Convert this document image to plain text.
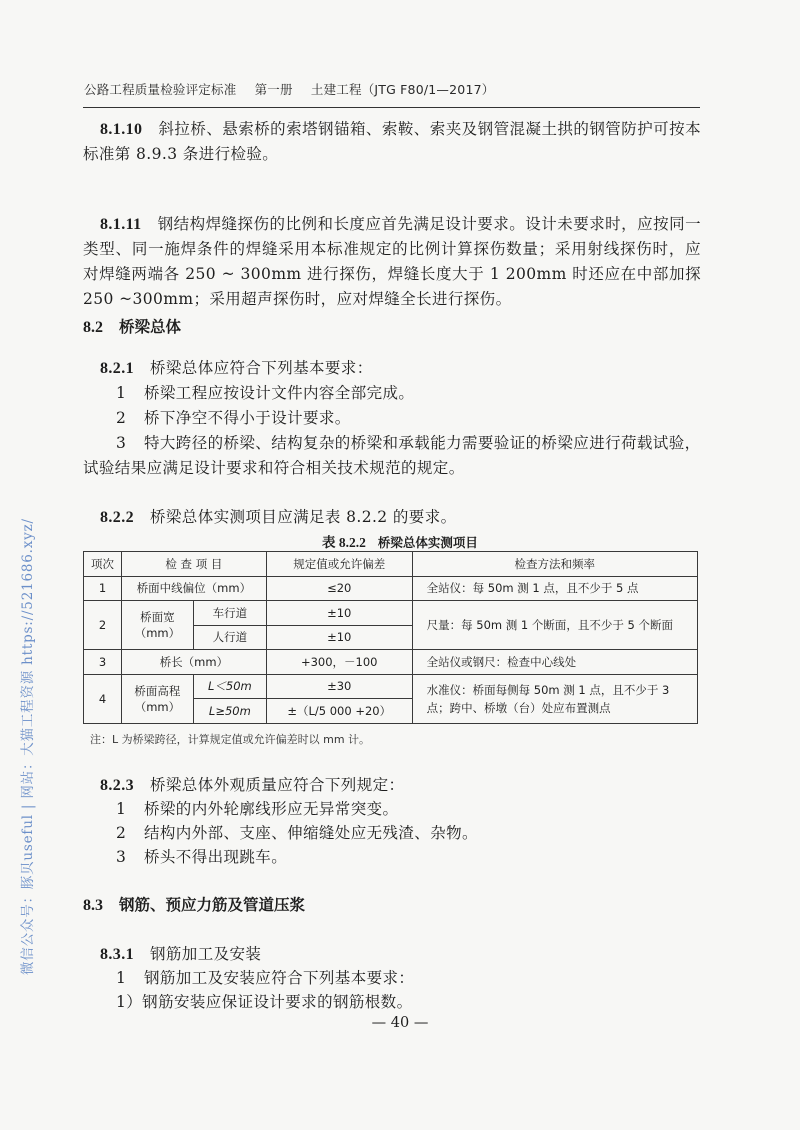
公路工程质量检验评定标准 第一册 土建工程（JTG F80/1—2017）
8.1.10 斜拉桥、悬索桥的索塔钢锚箱、索鞍、索夹及钢管混凝土拱的钢管防护可按本标准第 8.9.3 条进行检验。
8.1.11 钢结构焊缝探伤的比例和长度应首先满足设计要求。设计未要求时，应按同一类型、同一施焊条件的焊缝采用本标准规定的比例计算探伤数量；采用射线探伤时，应对焊缝两端各 250 ~ 300mm 进行探伤，焊缝长度大于 1 200mm 时还应在中部加探 250 ~300mm；采用超声探伤时，应对焊缝全长进行探伤。
8.2 桥梁总体
8.2.1 桥梁总体应符合下列基本要求：
1 桥梁工程应按设计文件内容全部完成。
2 桥下净空不得小于设计要求。
3 特大跨径的桥梁、结构复杂的桥梁和承载能力需要验证的桥梁应进行荷载试验，
试验结果应满足设计要求和符合相关技术规范的规定。
8.2.2 桥梁总体实测项目应满足表 8.2.2 的要求。
表 8.2.2 桥梁总体实测项目
项次	检 查 项 目		规定值或允许偏差	检查方法和频率
1	桥面中线偏位（mm）		≤20	全站仪：每 50m 测 1 点，且不少于 5 点
2	桥面宽（mm）	车行道	±10	尺量：每 50m 测 1 个断面，且不少于 5 个断面
		人行道	±10	
3	桥长（mm）		+300，－100	全站仪或钢尺：检查中心线处
4	桥面高程（mm）	L＜50m	±30	水准仪：桥面每侧每 50m 测 1 点，且不少于 3 点；跨中、桥墩（台）处应布置测点
		L≥50m	±（L/5 000 +20）	
注：L 为桥梁跨径，计算规定值或允许偏差时以 mm 计。
8.2.3 桥梁总体外观质量应符合下列规定：
1 桥梁的内外轮廓线形应无异常突变。
2 结构内外部、支座、伸缩缝处应无残渣、杂物。
3 桥头不得出现跳车。
8.3 钢筋、预应力筋及管道压浆
8.3.1 钢筋加工及安装
1 钢筋加工及安装应符合下列基本要求：
1）钢筋安装应保证设计要求的钢筋根数。
— 40 —
微信公众号：豚贝useful | 网站：大猫工程资源 https://521686.xyz/
